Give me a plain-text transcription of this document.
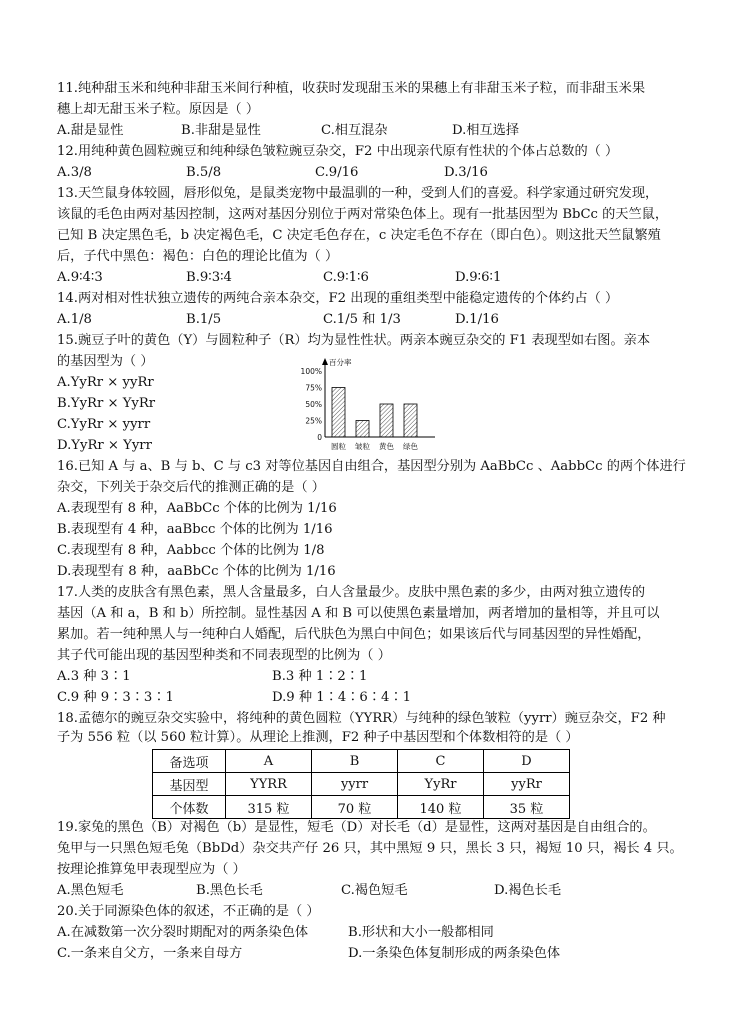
11.纯种甜玉米和纯种非甜玉米间行种植，收获时发现甜玉米的果穗上有非甜玉米子粒，而非甜玉米果
穗上却无甜玉米子粒。原因是（ ）
A.甜是显性	B.非甜是显性	C.相互混杂	D.相互选择
12.用纯种黄色圆粒豌豆和纯种绿色皱粒豌豆杂交，F2 中出现亲代原有性状的个体占总数的（ ）
A.3/8	B.5/8	C.9/16	D.3/16
13.天竺鼠身体较圆，唇形似兔，是鼠类宠物中最温驯的一种，受到人们的喜爱。科学家通过研究发现，
该鼠的毛色由两对基因控制，这两对基因分别位于两对常染色体上。现有一批基因型为 BbCc 的天竺鼠，
已知 B 决定黑色毛，b 决定褐色毛，C 决定毛色存在，c 决定毛色不存在（即白色）。则这批天竺鼠繁殖
后，子代中黑色：褐色：白色的理论比值为（ ）
A.9∶4∶3	B.9∶3∶4	C.9∶1∶6	D.9∶6∶1
14.两对相对性状独立遗传的两纯合亲本杂交，F2 出现的重组类型中能稳定遗传的个体约占（ ）
A.1/8	B.1/5	C.1/5 和 1/3	D.1/16
15.豌豆子叶的黄色（Y）与圆粒种子（R）均为显性性状。两亲本豌豆杂交的 F1 表现型如右图。亲本
的基因型为（ ）
A.YyRr × yyRr
B.YyRr × YyRr
C.YyRr × yyrr
D.YyRr × Yyrr
100%
75%
50%
25%
0
圆粒 皱粒 黄色 绿色
百分率
16.已知 A 与 a、B 与 b、C 与 c3 对等位基因自由组合，基因型分别为 AaBbCc 、AabbCc 的两个体进行
杂交，下列关于杂交后代的推测正确的是（ ）
A.表现型有 8 种，AaBbCc 个体的比例为 1/16
B.表现型有 4 种，aaBbcc 个体的比例为 1/16
C.表现型有 8 种，Aabbcc 个体的比例为 1/8
D.表现型有 8 种，aaBbCc 个体的比例为 1/16
17.人类的皮肤含有黑色素，黑人含量最多，白人含量最少。皮肤中黑色素的多少，由两对独立遗传的
基因（A 和 a，B 和 b）所控制。显性基因 A 和 B 可以使黑色素量增加，两者增加的量相等，并且可以
累加。若一纯种黑人与一纯种白人婚配，后代肤色为黑白中间色；如果该后代与同基因型的异性婚配，
其子代可能出现的基因型种类和不同表现型的比例为（ ）
A.3 种 3∶1	B.3 种 1∶2∶1
C.9 种 9∶3∶3∶1	D.9 种 1∶4∶6∶4∶1
18.孟德尔的豌豆杂交实验中，将纯种的黄色圆粒（YYRR）与纯种的绿色皱粒（yyrr）豌豆杂交，F2 种
子为 556 粒（以 560 粒计算）。从理论上推测，F2 种子中基因型和个体数相符的是（ ）
备选项	A	B	C	D
基因型	YYRR	yyrr	YyRr	yyRr
个体数	315 粒	70 粒	140 粒	35 粒
19.家兔的黑色（B）对褐色（b）是显性，短毛（D）对长毛（d）是显性，这两对基因是自由组合的。
兔甲与一只黑色短毛兔（BbDd）杂交共产仔 26 只，其中黑短 9 只，黑长 3 只，褐短 10 只，褐长 4 只。
按理论推算兔甲表现型应为（ ）
A.黑色短毛	B.黑色长毛	C.褐色短毛	D.褐色长毛
20.关于同源染色体的叙述，不正确的是（ ）
A.在减数第一次分裂时期配对的两条染色体	B.形状和大小一般都相同
C.一条来自父方，一条来自母方	D.一条染色体复制形成的两条染色体
